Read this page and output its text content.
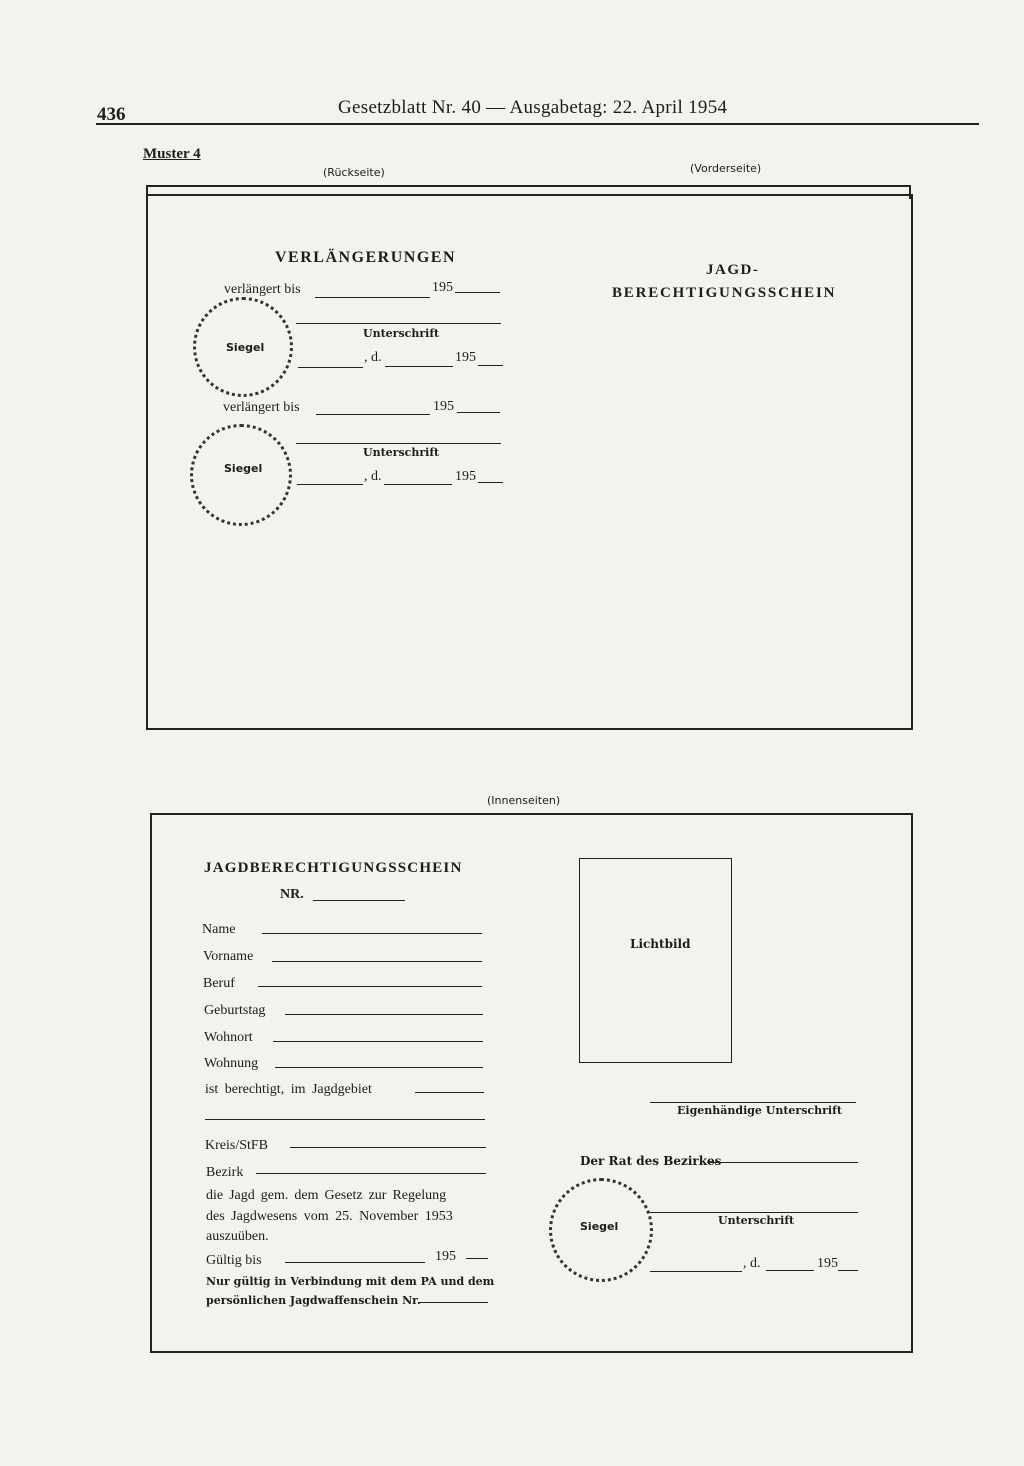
436	Gesetzblatt Nr. 40 — Ausgabetag: 22. April 1954
Muster 4
(Rückseite)	(Vorderseite)
VERLÄNGERUNGEN
verlängert bis	195
Siegel
Unterschrift
, d.	195
verlängert bis	195
Siegel
Unterschrift
, d.	195
JAGD-
BERECHTIGUNGSSCHEIN
(Innenseiten)
JAGDBERECHTIGUNGSSCHEIN
NR.
Name
Vorname
Beruf
Geburtstag
Wohnort
Wohnung
ist berechtigt, im Jagdgebiet
Kreis/StFB
Bezirk
die Jagd gem. dem Gesetz zur Regelung
des Jagdwesens vom 25. November 1953
auszuüben.
Gültig bis	195
Nur gültig in Verbindung mit dem PA und dem
persönlichen Jagdwaffenschein Nr.
Lichtbild
Eigenhändige Unterschrift
Der Rat des Bezirkes
Siegel	Unterschrift
, d.	195
